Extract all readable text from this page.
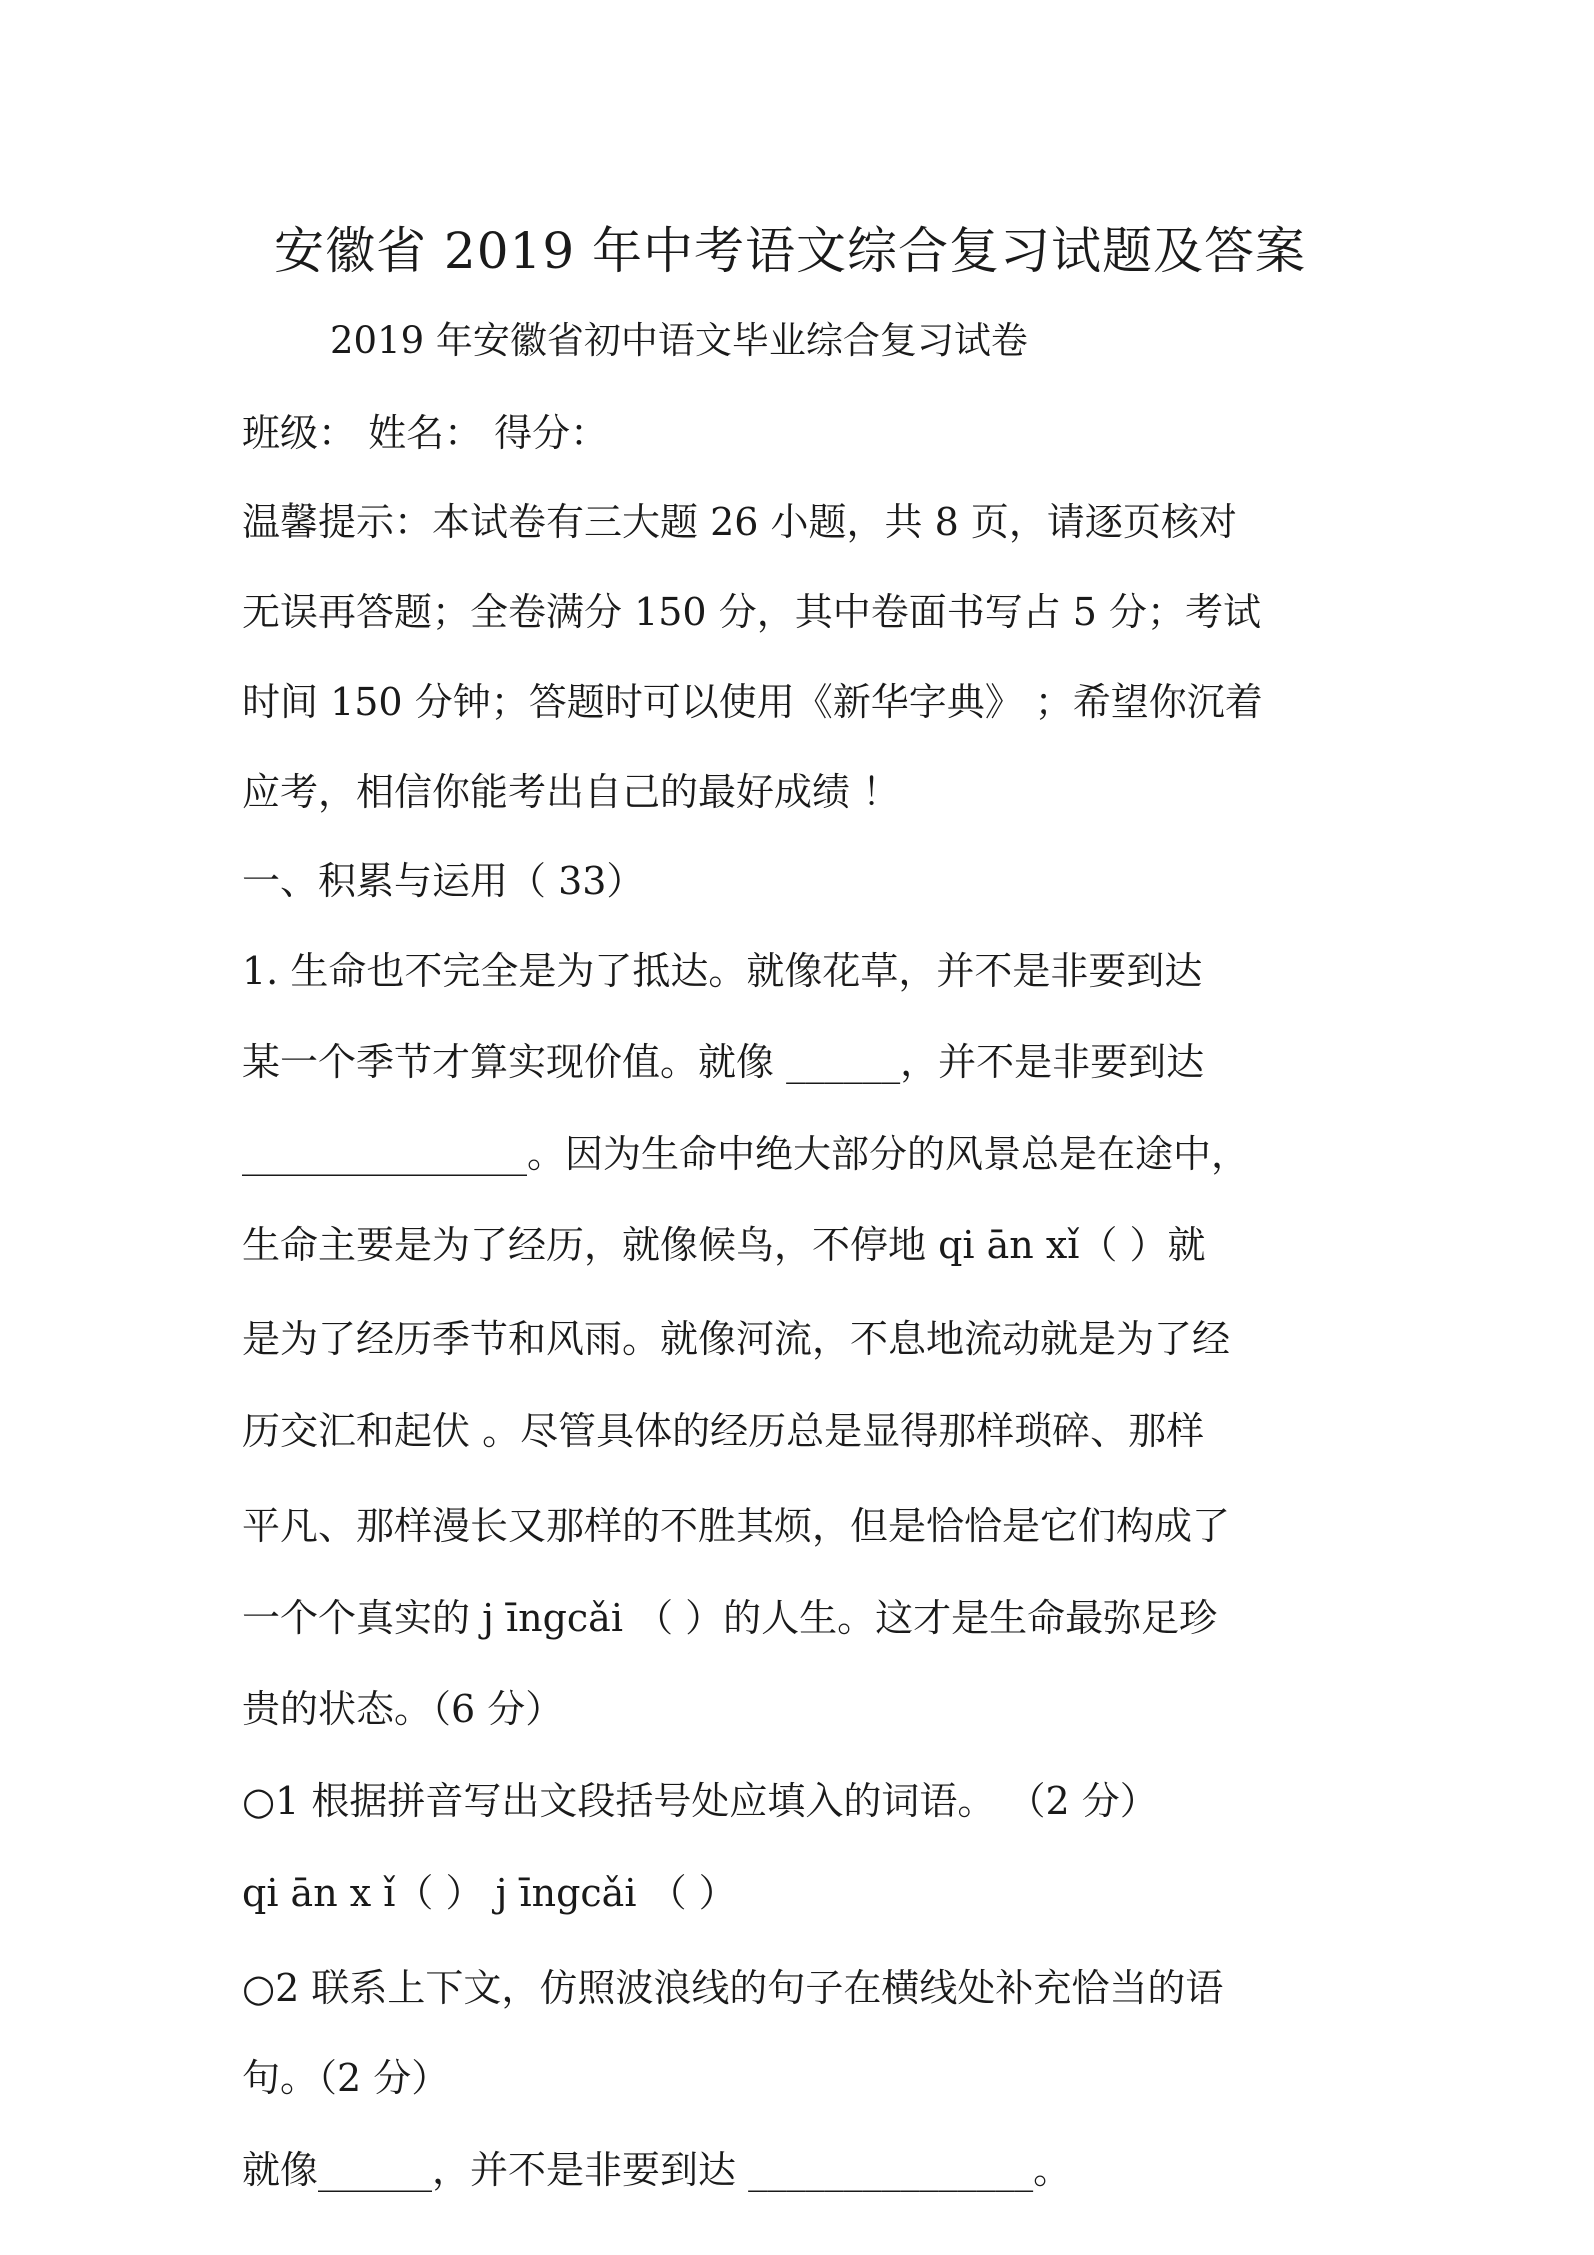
安徽省 2019 年中考语文综合复习试题及答案
2019 年安徽省初中语文毕业综合复习试卷
班级： 姓名： 得分：
温馨提示：本试卷有三大题 26 小题，共 8 页，请逐页核对
无误再答题；全卷满分 150 分，其中卷面书写占 5 分；考试
时间 150 分钟；答题时可以使用《新华字典》 ；希望你沉着
应考，相信你能考出自己的最好成绩 ！
一、积累与运用（ 33）
1. 生命也不完全是为了抵达。就像花草，并不是非要到达
某一个季节才算实现价值。就像 ______，并不是非要到达
_______________。因为生命中绝大部分的风景总是在途中，
生命主要是为了经历，就像候鸟，不停地 qi ān xǐ（ ）就
是为了经历季节和风雨。就像河流，不息地流动就是为了经
历交汇和起伏 。尽管具体的经历总是显得那样琐碎、那样
平凡、那样漫长又那样的不胜其烦，但是恰恰是它们构成了
一个个真实的 j īngcǎi （ ）的人生。这才是生命最弥足珍
贵的状态。（6 分）
○1 根据拼音写出文段括号处应填入的词语。 （2 分）
qi ān x ǐ（ ） j īngcǎi （ ）
○2 联系上下文，仿照波浪线的句子在横线处补充恰当的语
句。（2 分）
就像______，并不是非要到达 _______________。
